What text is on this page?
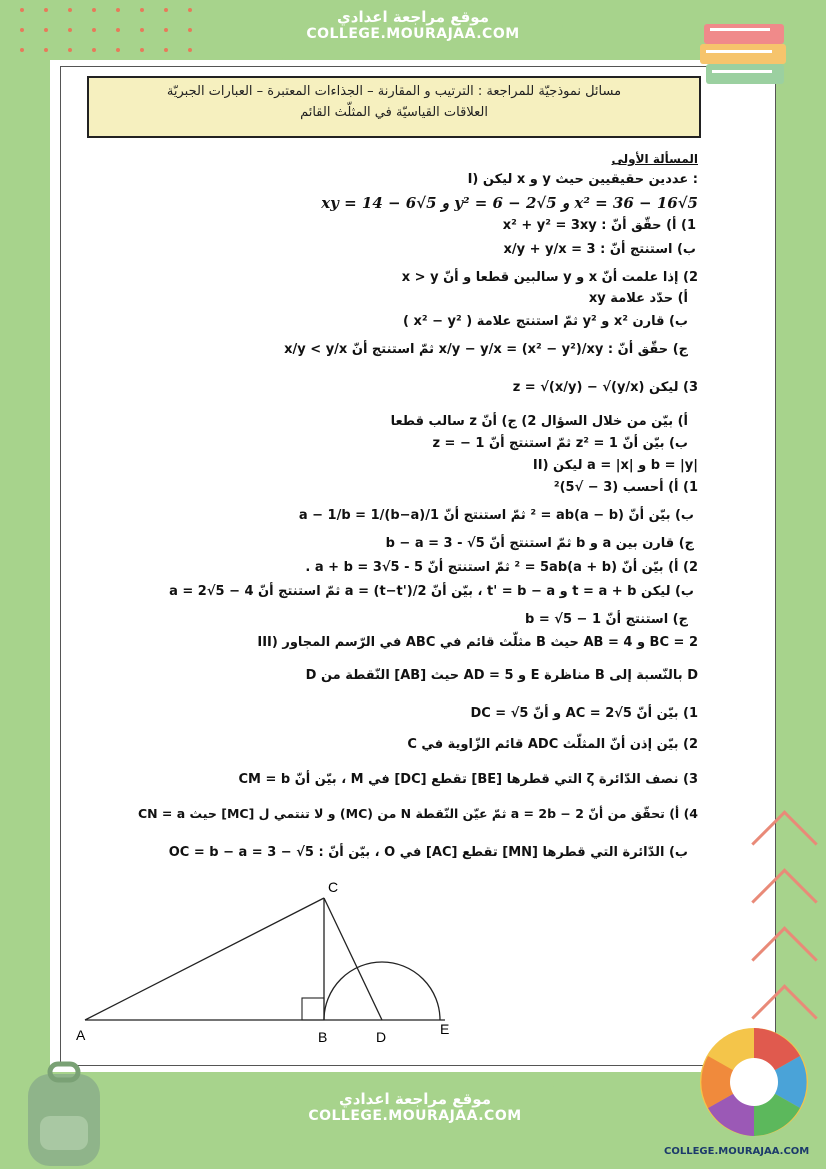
موقع مراجعة اعدادي
COLLEGE.MOURAJAA.COM
مسائل نموذجيّة للمراجعة : الترتيب و المقارنة – الجذاءات المعتبرة – العبارات الجبريّة
العلاقات القياسيّة في المثلّث القائم
المسألة الأولى
I) ليكن x و y عددين حقيقيين حيث :
xy = 14 − 6√5 و y² = 6 − 2√5 و x² = 36 − 16√5
1) أ) حقّق أنّ : x² + y² = 3xy
ب) استنتج أنّ : x/y + y/x = 3
2) إذا علمت أنّ x و y سالبين قطعا و أنّ x > y
أ) حدّد علامة xy
ب) قارن x² و y² ثمّ استنتج علامة ( x² − y² )
ج) حقّق أنّ : x/y − y/x = (x² − y²)/xy ثمّ استنتج أنّ x/y < y/x
3) ليكن z = √(x/y) − √(y/x)
أ) بيّن من خلال السؤال 2) ج) أنّ z سالب قطعا
ب) بيّن أنّ z² = 1 ثمّ استنتج أنّ z = − 1
II) ليكن a = |x| و b = |y|
1) أ) أحسب (3 − √5)²
ب) بيّن أنّ (a − b)² = ab ثمّ استنتج أنّ 1/a − 1/b = 1/(b−a)
ج) قارن بين a و b ثمّ استنتج أنّ b − a = 3 - √5
2) أ) بيّن أنّ (a + b)² = 5ab ثمّ استنتج أنّ a + b = 3√5 - 5 .
ب) ليكن t = a + b و t' = b − a ، بيّن أنّ a = (t−t')/2 ثمّ استنتج أنّ a = 2√5 − 4
ج) استنتج أنّ b = √5 − 1
III) في الرّسم المجاور ABC مثلّث قائم في B حيث AB = 4 و BC = 2
D النّقطة من [AB] حيث AD = 5 و E مناظرة B بالنّسبة إلى D
1) بيّن أنّ AC = 2√5 و أنّ DC = √5
2) بيّن إذن أنّ المثلّث ADC قائم الزّاوية في C
3) نصف الدّائرة ζ التي قطرها [BE] تقطع [DC] في M ، بيّن أنّ CM = b
4) أ) تحقّق من أنّ a = 2b − 2 ثمّ عيّن النّقطة N من (MC) و لا تنتمي ل [MC] حيث CN = a
ب) الدّائرة التي قطرها [MN] تقطع [AC] في O ، بيّن أنّ : OC = b − a = 3 − √5
A	B
C
D	E
موقع مراجعة اعدادي
COLLEGE.MOURAJAA.COM
COLLEGE.MOURAJAA.COM
